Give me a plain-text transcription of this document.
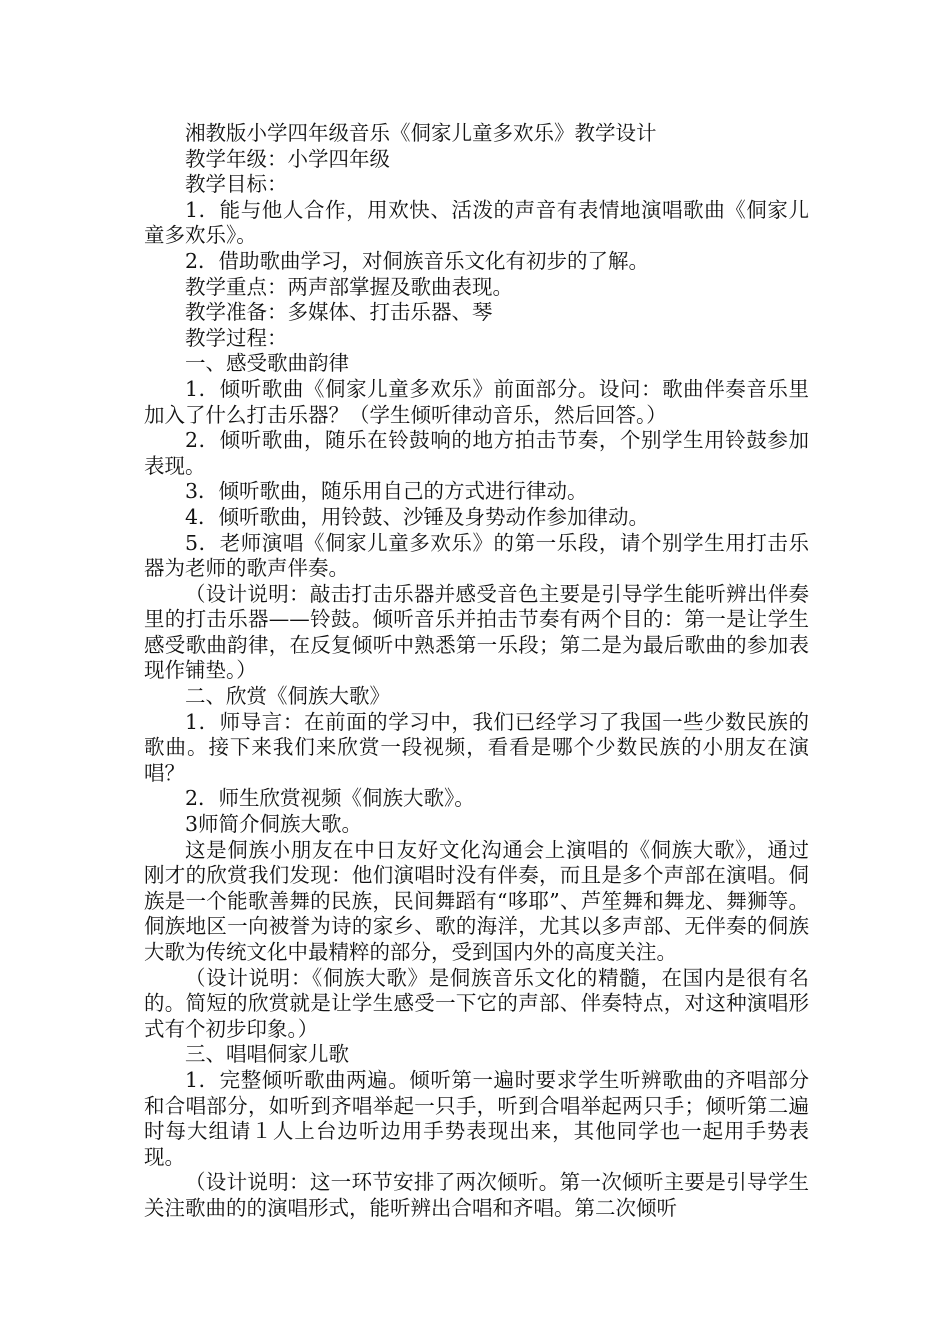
湘教版小学四年级音乐《侗家儿童多欢乐》教学设计

教学年级：小学四年级

教学目标：

1．能与他人合作，用欢快、活泼的声音有表情地演唱歌曲《侗家儿童多欢乐》。

2．借助歌曲学习，对侗族音乐文化有初步的了解。

教学重点：两声部掌握及歌曲表现。

教学准备：多媒体、打击乐器、琴

教学过程：

一、感受歌曲韵律

1．倾听歌曲《侗家儿童多欢乐》前面部分。设问：歌曲伴奏音乐里加入了什么打击乐器？（学生倾听律动音乐，然后回答。）

2．倾听歌曲，随乐在铃鼓响的地方拍击节奏，个别学生用铃鼓参加表现。

3．倾听歌曲，随乐用自己的方式进行律动。

4．倾听歌曲，用铃鼓、沙锤及身势动作参加律动。

5．老师演唱《侗家儿童多欢乐》的第一乐段，请个别学生用打击乐器为老师的歌声伴奏。

（设计说明：敲击打击乐器并感受音色主要是引导学生能听辨出伴奏里的打击乐器——铃鼓。倾听音乐并拍击节奏有两个目的：第一是让学生感受歌曲韵律，在反复倾听中熟悉第一乐段；第二是为最后歌曲的参加表现作铺垫。）

二、欣赏《侗族大歌》

1．师导言：在前面的学习中，我们已经学习了我国一些少数民族的歌曲。接下来我们来欣赏一段视频，看看是哪个少数民族的小朋友在演唱？

2．师生欣赏视频《侗族大歌》。

3师简介侗族大歌。

这是侗族小朋友在中日友好文化沟通会上演唱的《侗族大歌》，通过刚才的欣赏我们发现：他们演唱时没有伴奏，而且是多个声部在演唱。侗族是一个能歌善舞的民族，民间舞蹈有“哆耶”、芦笙舞和舞龙、舞狮等。侗族地区一向被誉为诗的家乡、歌的海洋，尤其以多声部、无伴奏的侗族大歌为传统文化中最精粹的部分，受到国内外的高度关注。

（设计说明：《侗族大歌》是侗族音乐文化的精髓，在国内是很有名的。简短的欣赏就是让学生感受一下它的声部、伴奏特点，对这种演唱形式有个初步印象。）

三、唱唱侗家儿歌

1．完整倾听歌曲两遍。倾听第一遍时要求学生听辨歌曲的齐唱部分和合唱部分，如听到齐唱举起一只手，听到合唱举起两只手；倾听第二遍时每大组请１人上台边听边用手势表现出来，其他同学也一起用手势表现。

（设计说明：这一环节安排了两次倾听。第一次倾听主要是引导学生关注歌曲的的演唱形式，能听辨出合唱和齐唱。第二次倾听
